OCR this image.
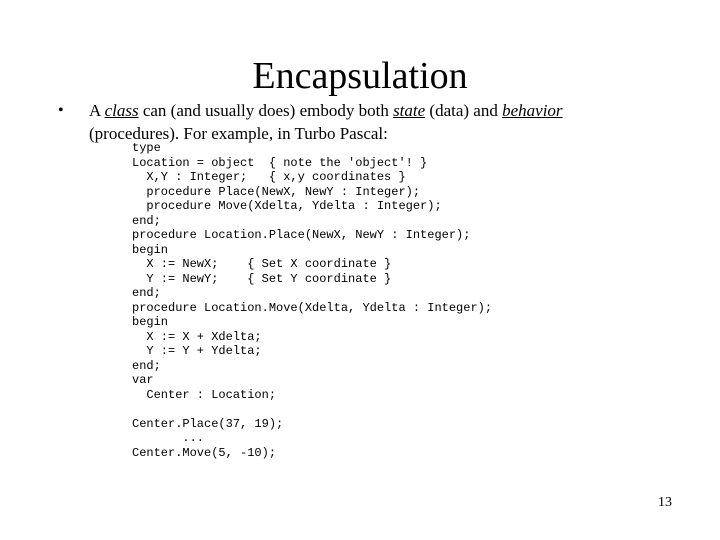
Encapsulation
• A class can (and usually does) embody both state (data) and behavior (procedures). For example, in Turbo Pascal:
type
Location = object  { note the 'object'! }
X,Y : Integer;   { x,y coordinates }
procedure Place(NewX, NewY : Integer);
procedure Move(Xdelta, Ydelta : Integer);
end;
procedure Location.Place(NewX, NewY : Integer);
begin
X := NewX;    { Set X coordinate }
Y := NewY;    { Set Y coordinate }
end;
procedure Location.Move(Xdelta, Ydelta : Integer);
begin
X := X + Xdelta;
Y := Y + Ydelta;
end;
var
Center : Location;
Center.Place(37, 19);
...
Center.Move(5, -10);
13
